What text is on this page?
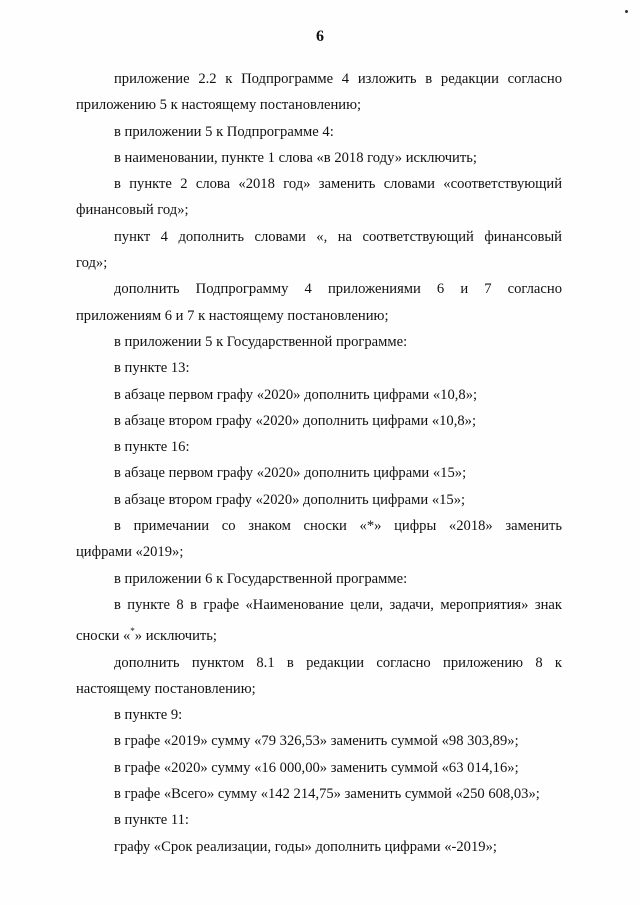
6

приложение 2.2 к Подпрограмме 4 изложить в редакции согласно
приложению 5 к настоящему постановлению;

в приложении 5 к Подпрограмме 4:

в наименовании, пункте 1 слова «в 2018 году» исключить;

в пункте 2 слова «2018 год» заменить словами «соответствующий
финансовый год»;

пункт 4 дополнить словами «, на соответствующий финансовый
год»;

дополнить Подпрограмму 4 приложениями 6 и 7 согласно
приложениям 6 и 7 к настоящему постановлению;

в приложении 5 к Государственной программе:

в пункте 13:

в абзаце первом графу «2020» дополнить цифрами «10,8»;

в абзаце втором графу «2020» дополнить цифрами «10,8»;

в пункте 16:

в абзаце первом графу «2020» дополнить цифрами «15»;

в абзаце втором графу «2020» дополнить цифрами «15»;

в примечании со знаком сноски «*» цифры «2018» заменить
цифрами «2019»;

в приложении 6 к Государственной программе:

в пункте 8 в графе «Наименование цели, задачи, мероприятия» знак
сноски «*» исключить;

дополнить пунктом 8.1 в редакции согласно приложению 8 к
настоящему постановлению;

в пункте 9:

в графе «2019» сумму «79 326,53» заменить суммой «98 303,89»;

в графе «2020» сумму «16 000,00» заменить суммой «63 014,16»;

в графе «Всего» сумму «142 214,75» заменить суммой «250 608,03»;

в пункте 11:

графу «Срок реализации, годы» дополнить цифрами «-2019»;
